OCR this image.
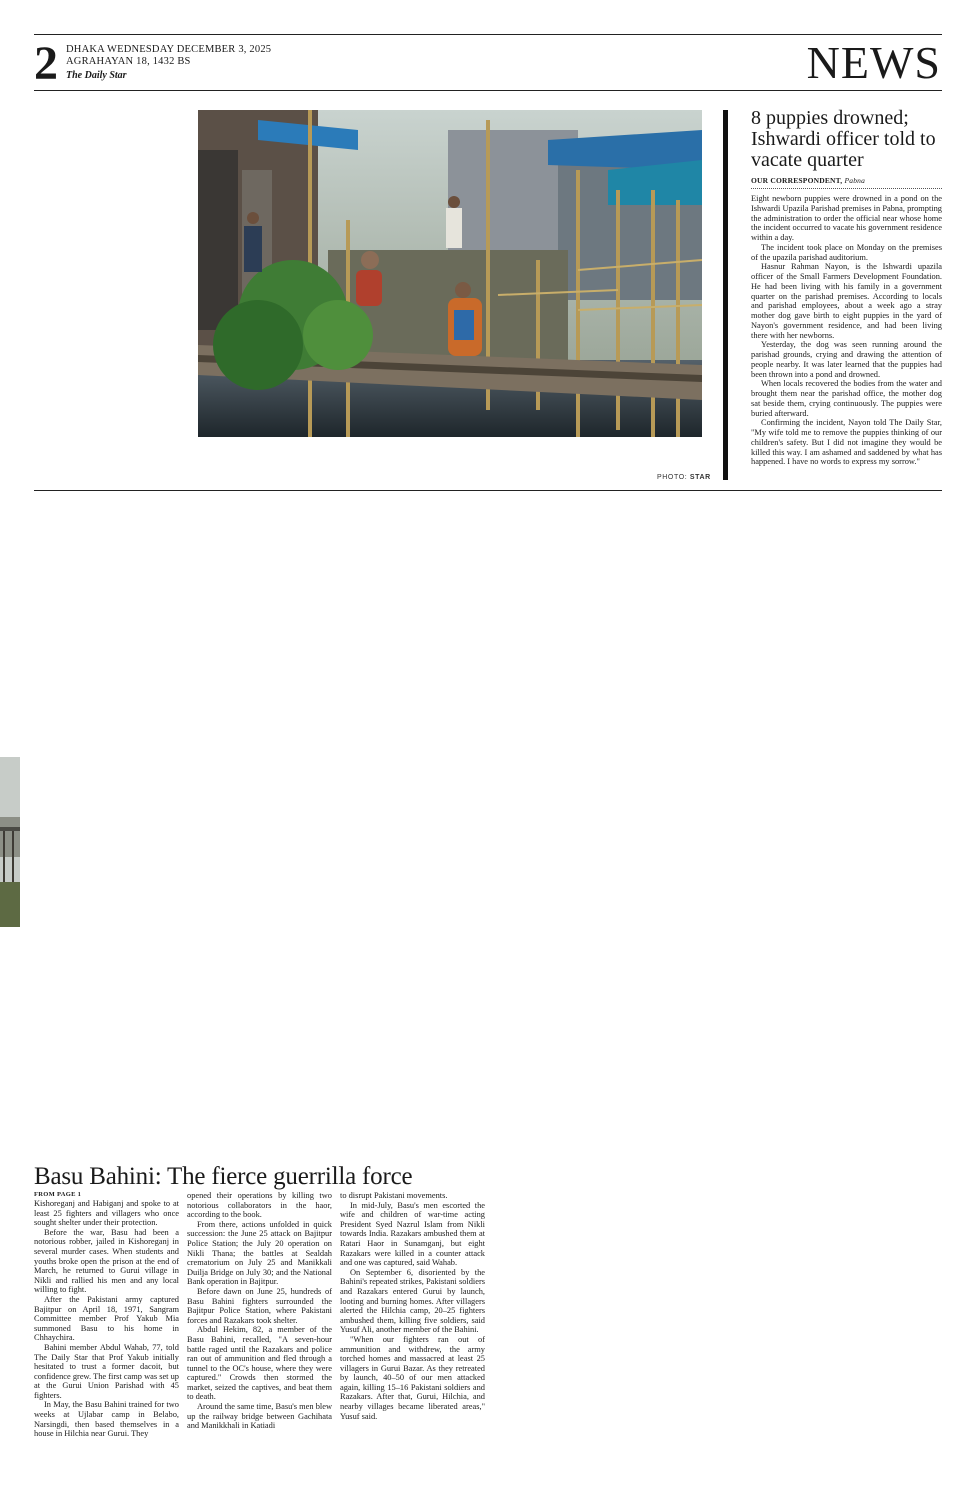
2 DHAKA WEDNESDAY DECEMBER 3, 2025
AGRAHAYAN 18, 1432 BS
The Daily Star	NEWS
PHOTO: STAR
8 puppies drowned; Ishwardi officer told to vacate quarter
OUR CORRESPONDENT, Pabna

Eight newborn puppies were drowned in a pond on the Ishwardi Upazila Parishad premises in Pabna, prompting the administration to order the official near whose home the incident occurred to vacate his government residence within a day.

The incident took place on Monday on the premises of the upazila parishad auditorium.

Hasnur Rahman Nayon, is the Ishwardi upazila officer of the Small Farmers Development Foundation. He had been living with his family in a government quarter on the parishad premises. According to locals and parishad employees, about a week ago a stray mother dog gave birth to eight puppies in the yard of Nayon's government residence, and had been living there with her newborns.

Yesterday, the dog was seen running around the parishad grounds, crying and drawing the attention of people nearby. It was later learned that the puppies had been thrown into a pond and drowned.

When locals recovered the bodies from the water and brought them near the parishad office, the mother dog sat beside them, crying continuously. The puppies were buried afterward.

Confirming the incident, Nayon told The Daily Star, "My wife told me to remove the puppies thinking of our children's safety. But I did not imagine they would be killed this way. I am ashamed and saddened by what has happened. I have no words to express my sorrow."

Basu Bahini: The fierce guerrilla force
FROM PAGE 1

Kishoreganj and Habiganj and spoke to at least 25 fighters and villagers who once sought shelter under their protection.

Before the war, Basu had been a notorious robber, jailed in Kishoreganj in several murder cases. When students and youths broke open the prison at the end of March, he returned to Gurui village in Nikli and rallied his men and any local willing to fight.

After the Pakistani army captured Bajitpur on April 18, 1971, Sangram Committee member Prof Yakub Mia summoned Basu to his home in Chhaychira.

Bahini member Abdul Wahab, 77, told The Daily Star that Prof Yakub initially hesitated to trust a former dacoit, but confidence grew. The first camp was set up at the Gurui Union Parishad with 45 fighters.

In May, the Basu Bahini trained for two weeks at Ujlabar camp in Belabo, Narsingdi, then based themselves in a house in Hilchia near Gurui. They

opened their operations by killing two notorious collaborators in the haor, according to the book.

From there, actions unfolded in quick succession: the June 25 attack on Bajitpur Police Station; the July 20 operation on Nikli Thana; the battles at Sealdah crematorium on July 25 and Manikkali Duilja Bridge on July 30; and the National Bank operation in Bajitpur.

Before dawn on June 25, hundreds of Basu Bahini fighters surrounded the Bajitpur Police Station, where Pakistani forces and Razakars took shelter.

Abdul Hekim, 82, a member of the Basu Bahini, recalled, "A seven-hour battle raged until the Razakars and police ran out of ammunition and fled through a tunnel to the OC's house, where they were captured." Crowds then stormed the market, seized the captives, and beat them to death.

Around the same time, Basu's men blew up the railway bridge between Gachihata and Manikkhali in Katiadi

to disrupt Pakistani movements.

In mid-July, Basu's men escorted the wife and children of war-time acting President Syed Nazrul Islam from Nikli towards India. Razakars ambushed them at Ratari Haor in Sunamganj, but eight Razakars were killed in a counter attack and one was captured, said Wahab.

On September 6, disoriented by the Bahini's repeated strikes, Pakistani soldiers and Razakars entered Gurui by launch, looting and burning homes. After villagers alerted the Hilchia camp, 20–25 fighters ambushed them, killing five soldiers, said Yusuf Ali, another member of the Bahini.

"When our fighters ran out of ammunition and withdrew, the army torched homes and massacred at least 25 villagers in Gurui Bazar. As they retreated by launch, 40–50 of our men attacked again, killing 15–16 Pakistani soldiers and Razakars. After that, Gurui, Hilchia, and nearby villages became liberated areas," Yusuf said.
